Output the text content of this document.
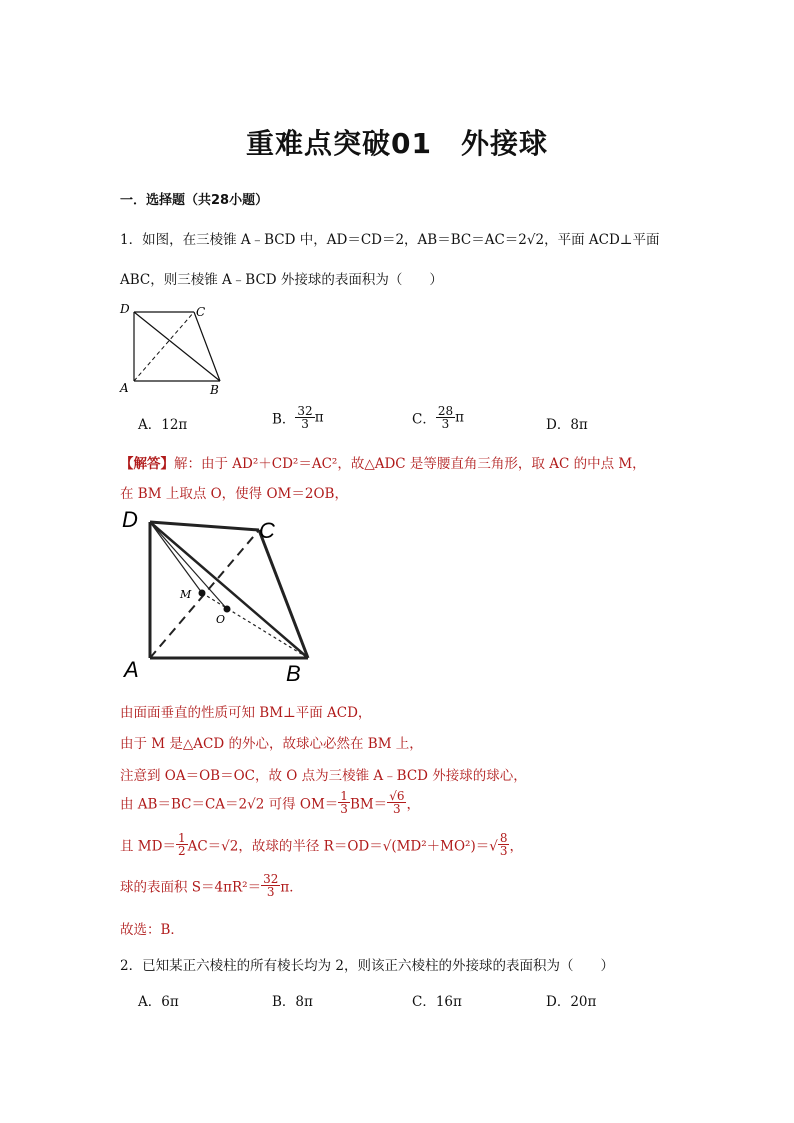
重难点突破01　外接球
一．选择题（共28小题）
1．如图，在三棱锥 A﹣BCD 中，AD＝CD＝2，AB＝BC＝AC＝2√2，平面 ACD⊥平面
ABC，则三棱锥 A﹣BCD 外接球的表面积为（　　）
D	C
A	B
A．12π	B． $\frac{32}{3}$ π	C． $\frac{28}{3}$ π	D．8π
【解答】解：由于 AD²＋CD²＝AC²，故△ADC 是等腰直角三角形，取 AC 的中点 M，
在 BM 上取点 O，使得 OM＝2OB，
D	C
A	B
M
O
由面面垂直的性质可知 BM⊥平面 ACD，
由于 M 是△ACD 的外心，故球心必然在 BM 上，
注意到 OA＝OB＝OC，故 O 点为三棱锥 A﹣BCD 外接球的球心，
由 AB＝BC＝CA＝2√2 可得 $OM= \frac{1}{3} BM= \frac{√6}{3}$ ，
且 $MD= \frac{1}{2} AC=√2$，故球的半径 $R=OD=√(MD^2+MO^2)=√ \frac{8}{3}$ ，
球的表面积 $S=4\pi R^2= \frac{32}{3}$ π．
故选：B．
2．已知某正六棱柱的所有棱长均为 2，则该正六棱柱的外接球的表面积为（　　）
A．6π	B．8π	C．16π	D．20π
